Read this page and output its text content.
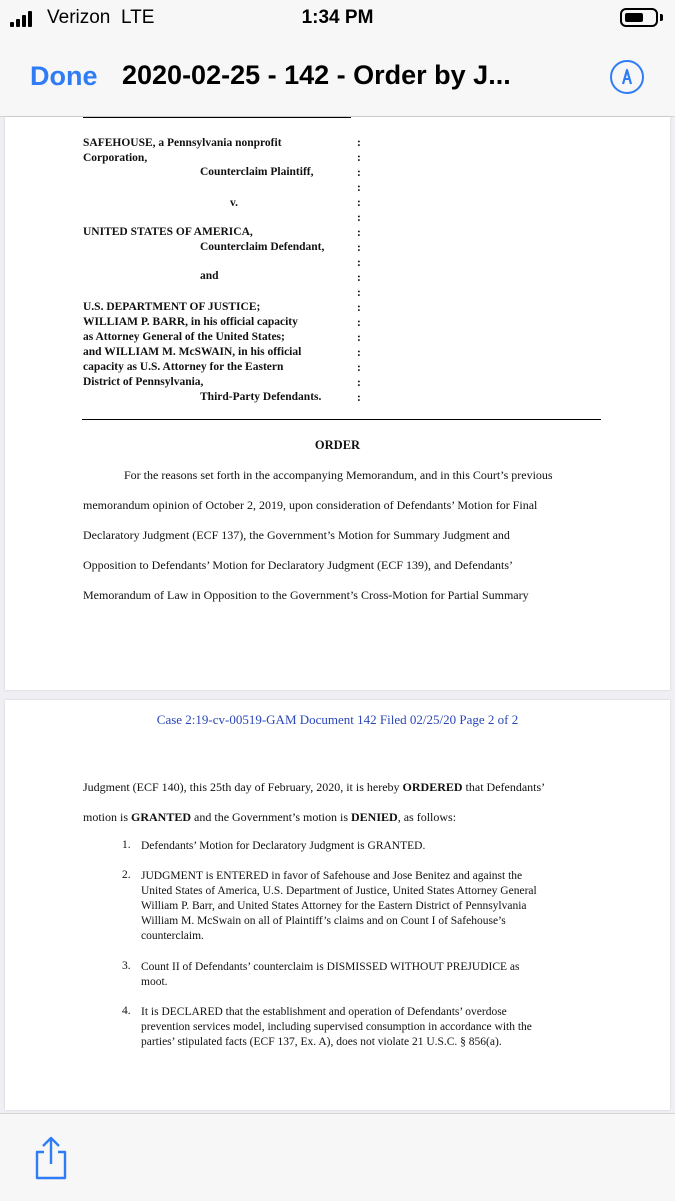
Verizon LTE	1:34 PM
Done 2020-02-25 - 142 - Order by J...
SAFEHOUSE, a Pennsylvania nonprofit
Corporation,
Counterclaim Plaintiff,
v.
UNITED STATES OF AMERICA,
Counterclaim Defendant,
and
U.S. DEPARTMENT OF JUSTICE;
WILLIAM P. BARR, in his official capacity
as Attorney General of the United States;
and WILLIAM M. McSWAIN, in his official
capacity as U.S. Attorney for the Eastern
District of Pennsylvania,
Third-Party Defendants.
:
:
:
:
:
:
:
:
:
:
:
:
:
:
:
:
:
:
ORDER
For the reasons set forth in the accompanying Memorandum, and in this Court’s previous
memorandum opinion of October 2, 2019, upon consideration of Defendants’ Motion for Final
Declaratory Judgment (ECF 137), the Government’s Motion for Summary Judgment and
Opposition to Defendants’ Motion for Declaratory Judgment (ECF 139), and Defendants’
Memorandum of Law in Opposition to the Government’s Cross-Motion for Partial Summary
Case 2:19-cv-00519-GAM Document 142 Filed 02/25/20 Page 2 of 2
Judgment (ECF 140), this 25th day of February, 2020, it is hereby ORDERED that Defendants’
motion is GRANTED and the Government’s motion is DENIED, as follows:
1. Defendants’ Motion for Declaratory Judgment is GRANTED.
2. JUDGMENT is ENTERED in favor of Safehouse and Jose Benitez and against the
United States of America, U.S. Department of Justice, United States Attorney General
William P. Barr, and United States Attorney for the Eastern District of Pennsylvania
William M. McSwain on all of Plaintiff’s claims and on Count I of Safehouse’s
counterclaim.
3. Count II of Defendants’ counterclaim is DISMISSED WITHOUT PREJUDICE as
moot.
4. It is DECLARED that the establishment and operation of Defendants’ overdose
prevention services model, including supervised consumption in accordance with the
parties’ stipulated facts (ECF 137, Ex. A), does not violate 21 U.S.C. § 856(a).
